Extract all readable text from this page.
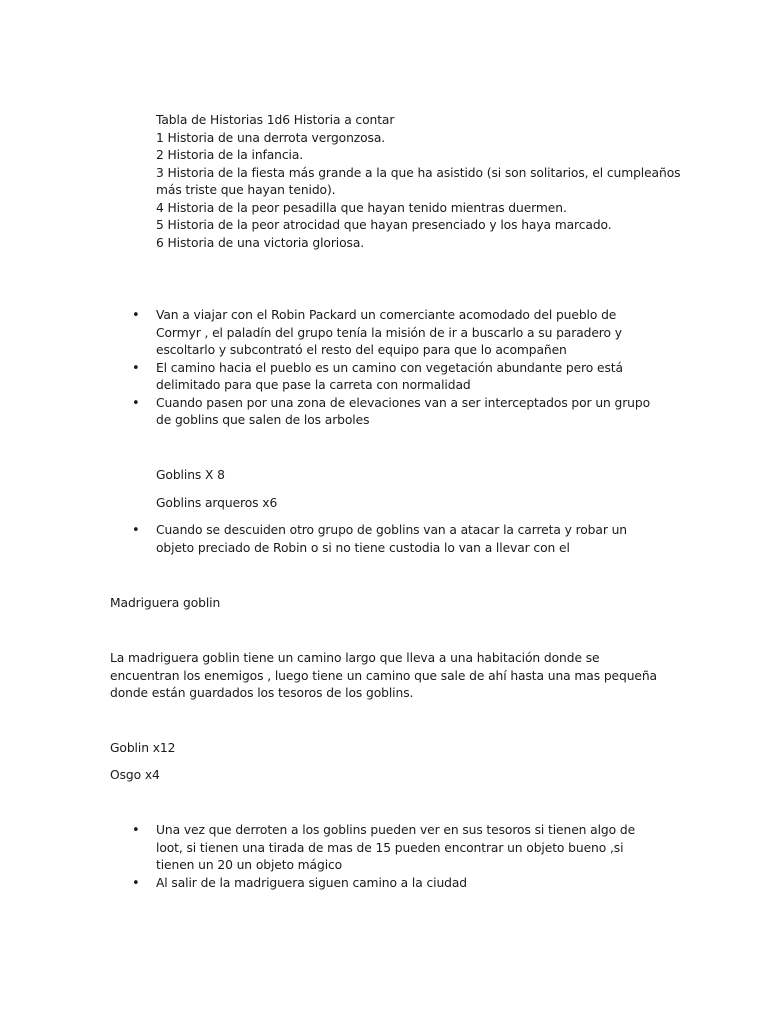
Tabla de Historias 1d6 Historia a contar
1 Historia de una derrota vergonzosa.
2 Historia de la infancia.
3 Historia de la fiesta más grande a la que ha asistido (si son solitarios, el cumpleaños
más triste que hayan tenido).
4 Historia de la peor pesadilla que hayan tenido mientras duermen.
5 Historia de la peor atrocidad que hayan presenciado y los haya marcado.
6 Historia de una victoria gloriosa.
• Van a viajar con el Robin Packard un comerciante acomodado del pueblo de Cormyr , el paladín del grupo tenía la misión de ir a buscarlo a su paradero y escoltarlo y subcontrató el resto del equipo para que lo acompañen
• El camino hacia el pueblo es un camino con vegetación abundante pero está delimitado para que pase la carreta con normalidad
• Cuando pasen por una zona de elevaciones van a ser interceptados por un grupo de goblins que salen de los arboles

Goblins X 8

Goblins arqueros x6

• Cuando se descuiden otro grupo de goblins van a atacar la carreta y robar un objeto preciado de Robin o si no tiene custodia lo van a llevar con el

Madriguera goblin

La madriguera goblin tiene un camino largo que lleva a una habitación donde se encuentran los enemigos , luego tiene un camino que sale de ahí hasta una mas pequeña donde están guardados los tesoros de los goblins.

Goblin x12

Osgo x4

• Una vez que derroten a los goblins pueden ver en sus tesoros si tienen algo de loot, si tienen una tirada de mas de 15 pueden encontrar un objeto bueno ,si tienen un 20 un objeto mágico
• Al salir de la madriguera siguen camino a la ciudad
